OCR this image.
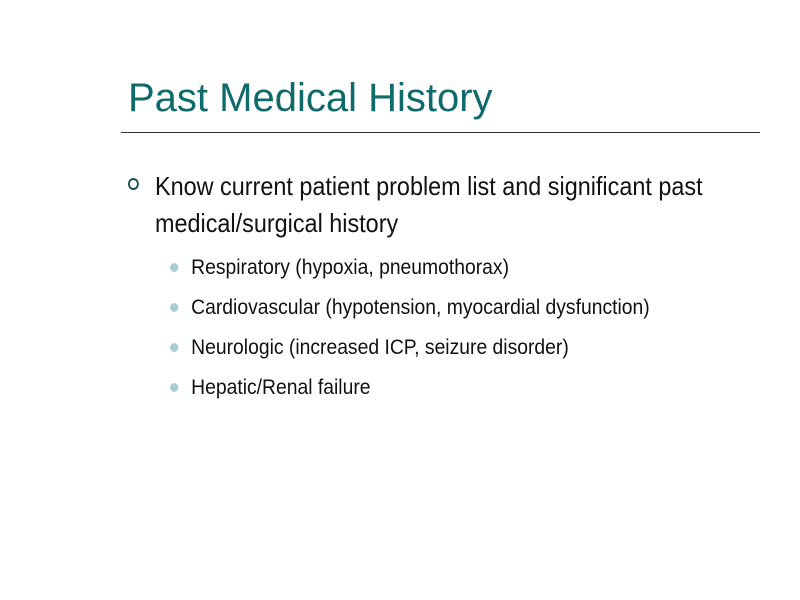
Past Medical History
Know current patient problem list and significant past medical/surgical history
Respiratory (hypoxia, pneumothorax)
Cardiovascular (hypotension, myocardial dysfunction)
Neurologic (increased ICP, seizure disorder)
Hepatic/Renal failure
